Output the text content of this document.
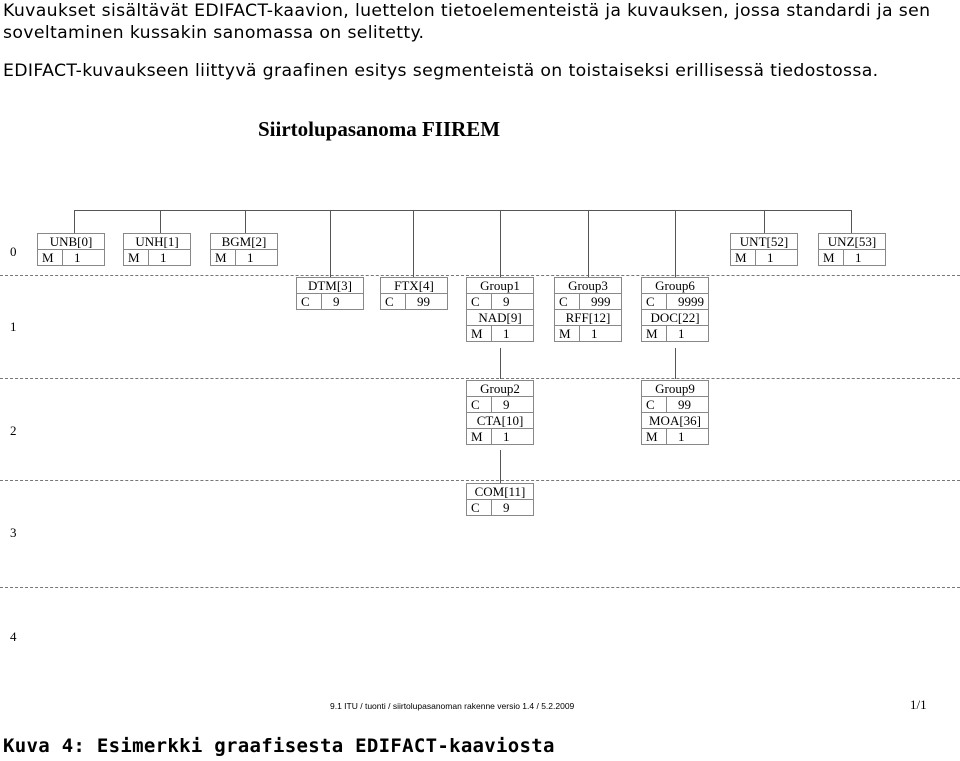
Kuvaukset sisältävät EDIFACT-kaavion, luettelon tietoelementeistä ja kuvauksen, jossa standardi ja sen soveltaminen kussakin sanomassa on selitetty.
EDIFACT-kuvaukseen liittyvä graafinen esitys segmenteistä on toistaiseksi erillisessä tiedostossa.
Siirtolupasanoma FIIREM
0
1
2
3
4
UNB[0]
M 1
UNH[1]
M 1
BGM[2]
M 1
UNT[52]
M 1
UNZ[53]
M 1
DTM[3]
C 9
FTX[4]
C 99
Group1
C 9
NAD[9]
M 1
Group3
C 999
RFF[12]
M 1
Group6
C 9999
DOC[22]
M 1
Group2
C 9
CTA[10]
M 1
Group9
C 99
MOA[36]
M 1
COM[11]
C 9
9.1 ITU / tuonti / siirtolupasanoman rakenne versio 1.4 / 5.2.2009	1/1
Kuva 4: Esimerkki graafisesta EDIFACT-kaaviosta
